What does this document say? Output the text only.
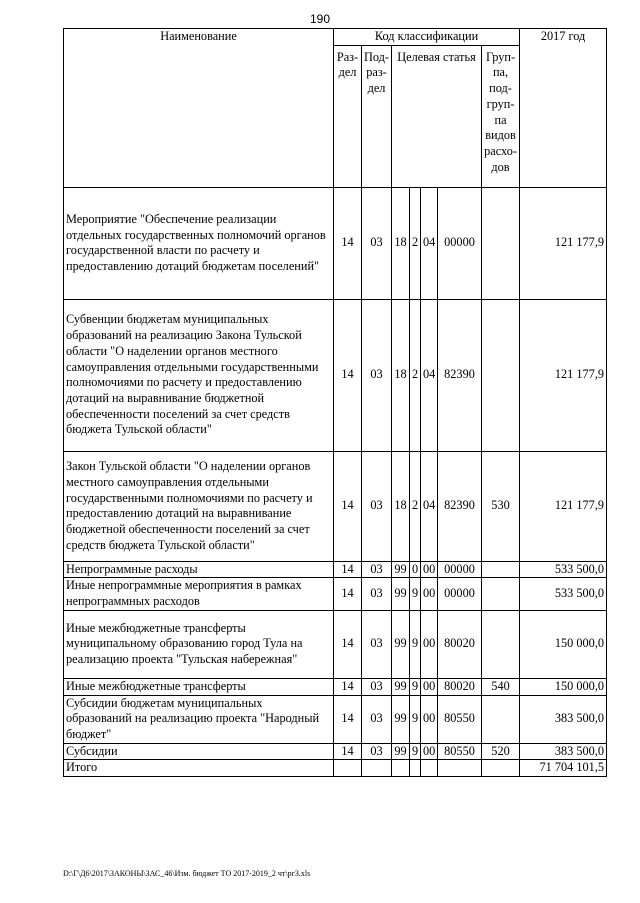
190
Наименование	Код классификации							2017 год
	Раз- дел	Под- раз- дел	Целевая статья				Груп- па, под- груп- па видов расхо- дов	
Мероприятие "Обеспечение реализации отдельных государственных полномочий органов государственной власти по расчету и предоставлению дотаций бюджетам поселений"	14	03	18	2	04	00000		121 177,9
Субвенции бюджетам муниципальных образований на реализацию Закона Тульской области "О наделении органов местного самоуправления отдельными государственными полномочиями по расчету и предоставлению дотаций на выравнивание бюджетной обеспеченности поселений за счет средств бюджета Тульской области"	14	03	18	2	04	82390		121 177,9
Закон Тульской области "О наделении органов местного самоуправления отдельными государственными полномочиями по расчету и предоставлению дотаций на выравнивание бюджетной обеспеченности поселений за счет средств бюджета Тульской области"	14	03	18	2	04	82390	530	121 177,9
Непрограммные расходы	14	03	99	0	00	00000		533 500,0
Иные непрограммные мероприятия в рамках непрограммных расходов	14	03	99	9	00	00000		533 500,0
Иные межбюджетные трансферты муниципальному образованию город Тула на реализацию проекта "Тульская набережная"	14	03	99	9	00	80020		150 000,0
Иные межбюджетные трансферты	14	03	99	9	00	80020	540	150 000,0
Субсидии бюджетам муниципальных образований на реализацию проекта "Народный бюджет"	14	03	99	9	00	80550		383 500,0
Субсидии	14	03	99	9	00	80550	520	383 500,0
Итого								71 704 101,5
D:\Г\Д6\2017\ЗАКОНЫ\ЗАС_46\Изм. бюджет ТО 2017-2019_2 чт\рг3.xls
